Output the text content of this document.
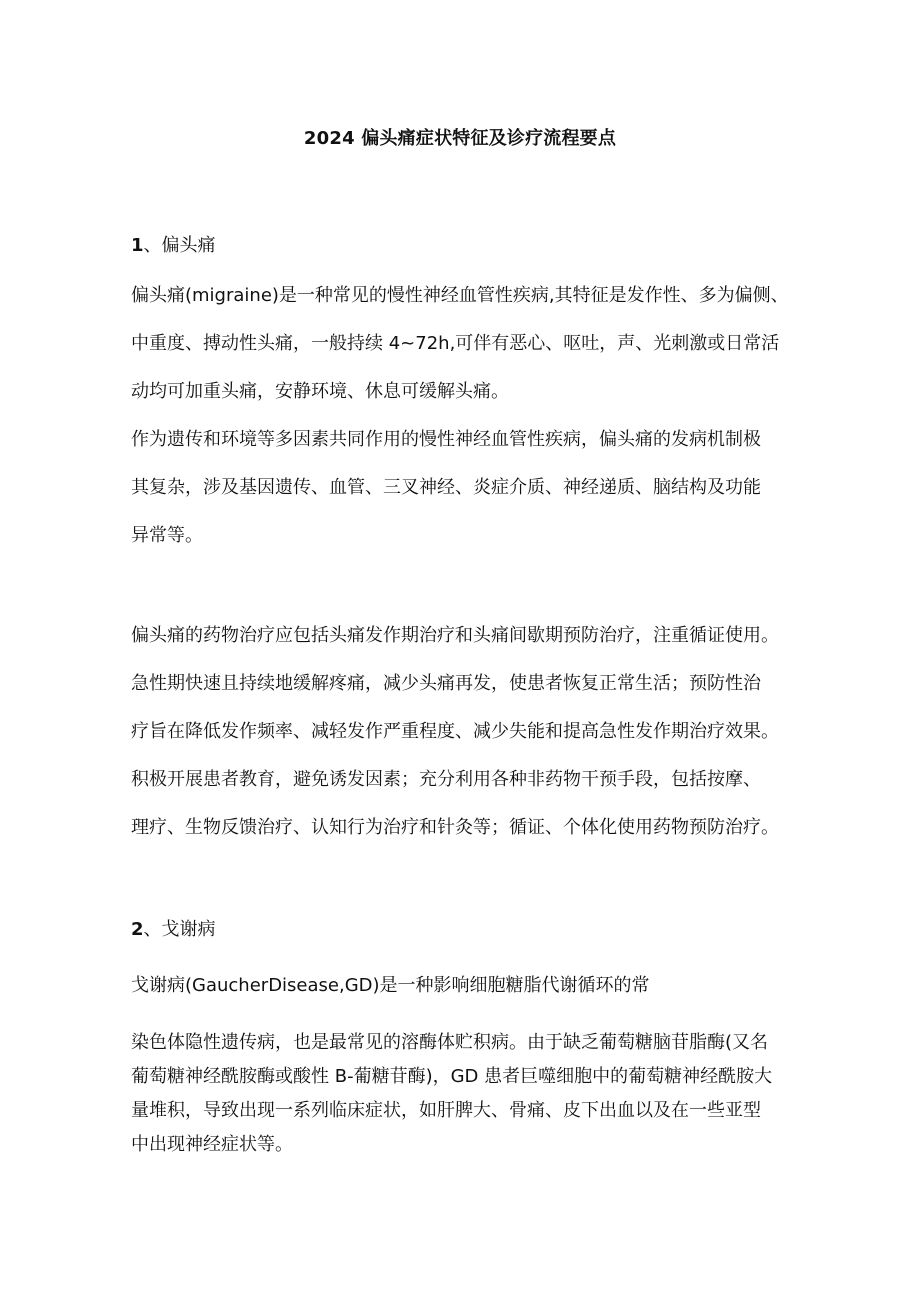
2024 偏头痛症状特征及诊疗流程要点
1、偏头痛

偏头痛(migraine)是一种常见的慢性神经血管性疾病,其特征是发作性、多为偏侧、
中重度、搏动性头痛，一般持续 4~72h,可伴有恶心、呕吐，声、光刺激或日常活
动均可加重头痛，安静环境、休息可缓解头痛。

作为遗传和环境等多因素共同作用的慢性神经血管性疾病，偏头痛的发病机制极
其复杂，涉及基因遗传、血管、三叉神经、炎症介质、神经递质、脑结构及功能
异常等。

偏头痛的药物治疗应包括头痛发作期治疗和头痛间歇期预防治疗，注重循证使用。
急性期快速且持续地缓解疼痛，减少头痛再发，使患者恢复正常生活；预防性治
疗旨在降低发作频率、减轻发作严重程度、减少失能和提高急性发作期治疗效果。
积极开展患者教育，避免诱发因素；充分利用各种非药物干预手段，包括按摩、
理疗、生物反馈治疗、认知行为治疗和针灸等；循证、个体化使用药物预防治疗。

2、戈谢病

戈谢病(GaucherDisease,GD)是一种影响细胞糖脂代谢循环的常

染色体隐性遗传病，也是最常见的溶酶体贮积病。由于缺乏葡萄糖脑苷脂酶(又名
葡萄糖神经酰胺酶或酸性 B-葡糖苷酶)，GD 患者巨噬细胞中的葡萄糖神经酰胺大
量堆积，导致出现一系列临床症状，如肝脾大、骨痛、皮下出血以及在一些亚型
中出现神经症状等。
